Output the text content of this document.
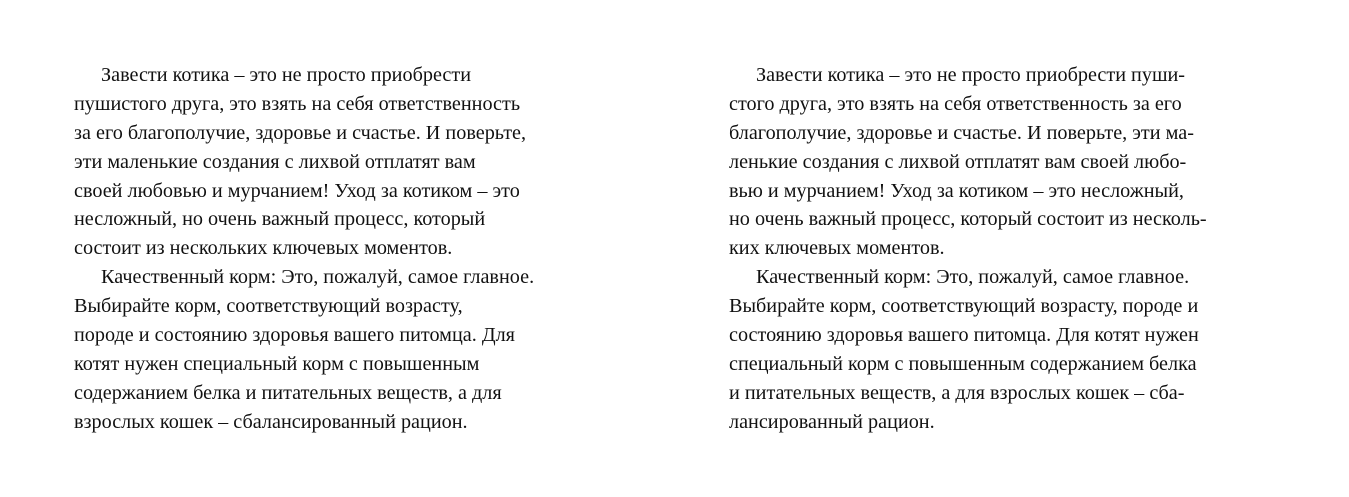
Завести котика – это не просто приобрести
пушистого друга, это взять на себя ответственность
за его благополучие, здоровье и счастье. И поверьте,
эти маленькие создания с лихвой отплатят вам
своей любовью и мурчанием! Уход за котиком – это
несложный, но очень важный процесс, который
состоит из нескольких ключевых моментов.
Качественный корм: Это, пожалуй, самое главное.
Выбирайте корм, соответствующий возрасту,
породе и состоянию здоровья вашего питомца. Для
котят нужен специальный корм с повышенным
содержанием белка и питательных веществ, а для
взрослых кошек – сбалансированный рацион.
Завести котика – это не просто приобрести пуши-
стого друга, это взять на себя ответственность за его
благополучие, здоровье и счастье. И поверьте, эти ма-
ленькие создания с лихвой отплатят вам своей любо-
вью и мурчанием! Уход за котиком – это несложный,
но очень важный процесс, который состоит из несколь-
ких ключевых моментов.
Качественный корм: Это, пожалуй, самое главное.
Выбирайте корм, соответствующий возрасту, породе и
состоянию здоровья вашего питомца. Для котят нужен
специальный корм с повышенным содержанием белка
и питательных веществ, а для взрослых кошек – сба-
лансированный рацион.
